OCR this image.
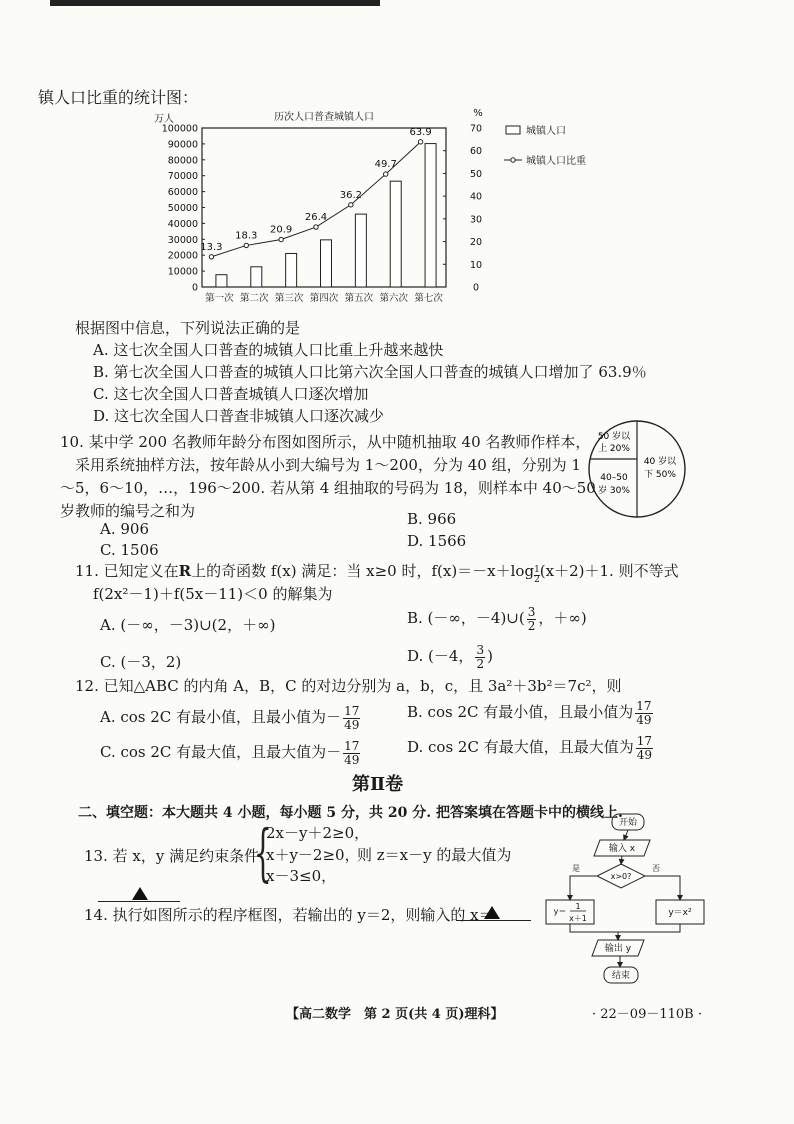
镇人口比重的统计图：
历次人口普查城镇人口
万人
%
100000
90000
80000
70000
60000
50000
40000
30000
20000
10000
0
70
60
50
40
30
20
10
0
第一次 第二次 第三次 第四次 第五次 第六次 第七次
13.3
18.3
20.9
26.4
36.2
49.7
63.9	城镇人口
城镇人口比重
根据图中信息，下列说法正确的是
A. 这七次全国人口普查的城镇人口比重上升越来越快
B. 第七次全国人口普查的城镇人口比第六次全国人口普查的城镇人口增加了 63.9％
C. 这七次全国人口普查城镇人口逐次增加
D. 这七次全国人口普查非城镇人口逐次减少
10. 某中学 200 名教师年龄分布图如图所示，从中随机抽取 40 名教师作样本，
采用系统抽样方法，按年龄从小到大编号为 1～200，分为 40 组，分别为 1
～5，6～10，…，196～200. 若从第 4 组抽取的号码为 18，则样本中 40～50
岁教师的编号之和为
A. 906
B. 966
C. 1506	D. 1566
50 岁以
上 20%
40 岁以
下 50%
40–50
岁 30%
11. 已知定义在R上的奇函数 f(x) 满足：当 x≥0 时，$f(x)=-x+\log \frac{1}{2} (x+2)+1$. 则不等式
f(2x²－1)＋f(5x－11)＜0 的解集为
A. (－∞，－3)∪(2，＋∞)	B. (－∞，－4)∪( $\frac{3}{2}$ ，＋∞)
C. (－3，2)	D. (－4， $\frac{3}{2}$ )
12. 已知△ABC 的内角 A，B，C 的对边分别为 a，b，c，且 3a²＋3b²＝7c²，则
A. cos 2C 有最小值，且最小值为－ $\frac{17}{49}$	B. cos 2C 有最小值，且最小值为 $\frac{17}{49}$
C. cos 2C 有最大值，且最大值为－ $\frac{17}{49}$	D. cos 2C 有最大值，且最大值为 $\frac{17}{49}$
第Ⅱ卷
二、填空题：本大题共 4 小题，每小题 5 分，共 20 分. 把答案填在答题卡中的横线上.
13. 若 x，y 满足约束条件
{
2x－y＋2≥0，
x＋y－2≥0，
x－3≤0，
则 z＝x－y 的最大值为
14. 执行如图所示的程序框图，若输出的 y＝2，则输入的 x＝
开始
输入 x
x>0?
是	否
y＝
1
x＋1
y＝x²
输出 y
结束
【高二数学　第 2 页(共 4 页)理科】	· 22－09－110B ·
